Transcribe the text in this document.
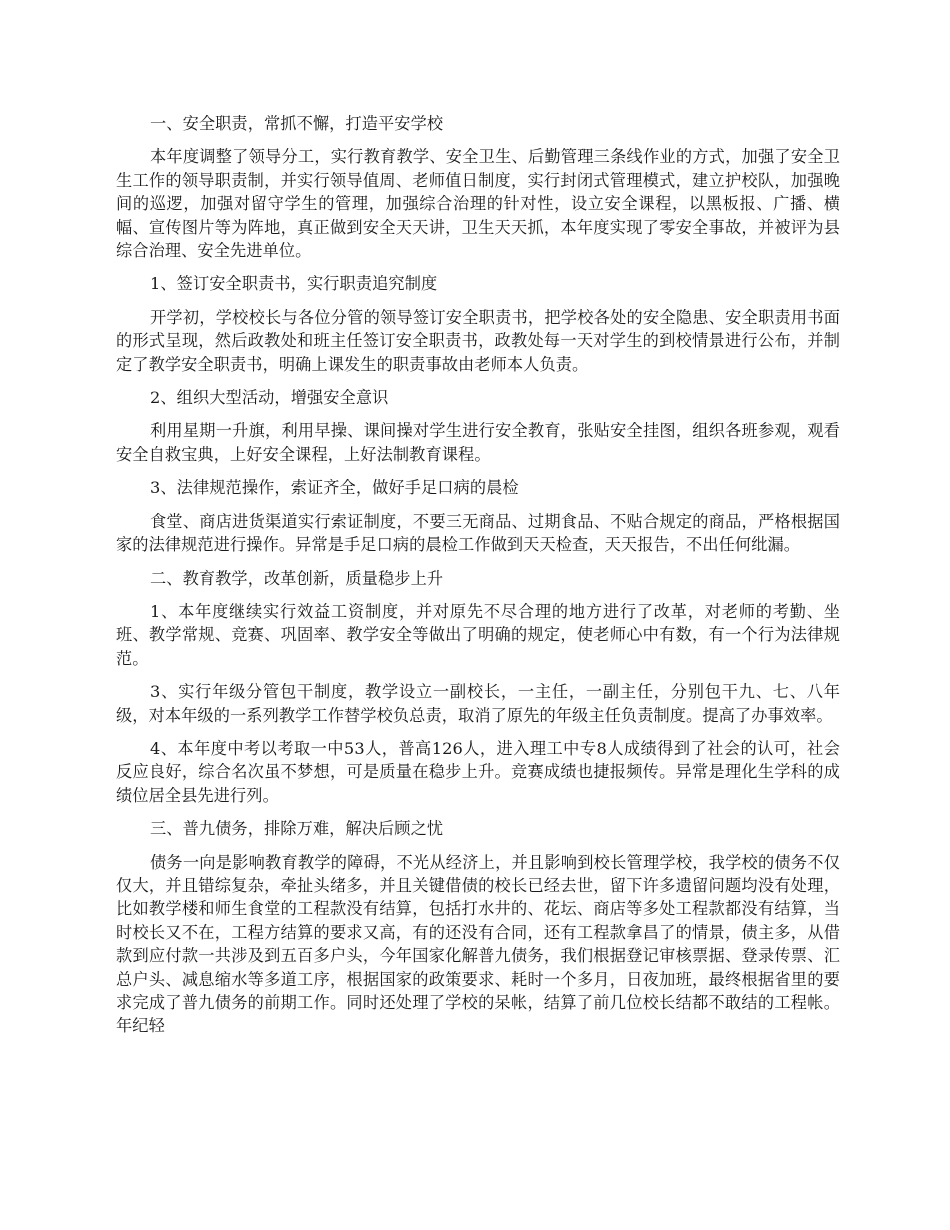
一、安全职责，常抓不懈，打造平安学校

本年度调整了领导分工，实行教育教学、安全卫生、后勤管理三条线作业的方式，加强了安全卫生工作的领导职责制，并实行领导值周、老师值日制度，实行封闭式管理模式，建立护校队，加强晚间的巡逻，加强对留守学生的管理，加强综合治理的针对性，设立安全课程，以黑板报、广播、横幅、宣传图片等为阵地，真正做到安全天天讲，卫生天天抓，本年度实现了零安全事故，并被评为县综合治理、安全先进单位。

1、签订安全职责书，实行职责追究制度

开学初，学校校长与各位分管的领导签订安全职责书，把学校各处的安全隐患、安全职责用书面的形式呈现，然后政教处和班主任签订安全职责书，政教处每一天对学生的到校情景进行公布，并制定了教学安全职责书，明确上课发生的职责事故由老师本人负责。

2、组织大型活动，增强安全意识

利用星期一升旗，利用早操、课间操对学生进行安全教育，张贴安全挂图，组织各班参观，观看安全自救宝典，上好安全课程，上好法制教育课程。

3、法律规范操作，索证齐全，做好手足口病的晨检

食堂、商店进货渠道实行索证制度，不要三无商品、过期食品、不贴合规定的商品，严格根据国家的法律规范进行操作。异常是手足口病的晨检工作做到天天检查，天天报告，不出任何纰漏。

二、教育教学，改革创新，质量稳步上升

1、本年度继续实行效益工资制度，并对原先不尽合理的地方进行了改革，对老师的考勤、坐班、教学常规、竞赛、巩固率、教学安全等做出了明确的规定，使老师心中有数，有一个行为法律规范。

3、实行年级分管包干制度，教学设立一副校长，一主任，一副主任，分别包干九、七、八年级，对本年级的一系列教学工作替学校负总责，取消了原先的年级主任负责制度。提高了办事效率。

4、本年度中考以考取一中53人，普高126人，进入理工中专8人成绩得到了社会的认可，社会反应良好，综合名次虽不梦想，可是质量在稳步上升。竞赛成绩也捷报频传。异常是理化生学科的成绩位居全县先进行列。

三、普九债务，排除万难，解决后顾之忧

债务一向是影响教育教学的障碍，不光从经济上，并且影响到校长管理学校，我学校的债务不仅仅大，并且错综复杂，牵扯头绪多，并且关键借债的校长已经去世，留下许多遗留问题均没有处理，比如教学楼和师生食堂的工程款没有结算，包括打水井的、花坛、商店等多处工程款都没有结算，当时校长又不在，工程方结算的要求又高，有的还没有合同，还有工程款拿昌了的情景，债主多，从借款到应付款一共涉及到五百多户头，今年国家化解普九债务，我们根据登记审核票据、登录传票、汇总户头、减息缩水等多道工序，根据国家的政策要求、耗时一个多月，日夜加班，最终根据省里的要求完成了普九债务的前期工作。同时还处理了学校的呆帐，结算了前几位校长结都不敢结的工程帐。年纪轻
